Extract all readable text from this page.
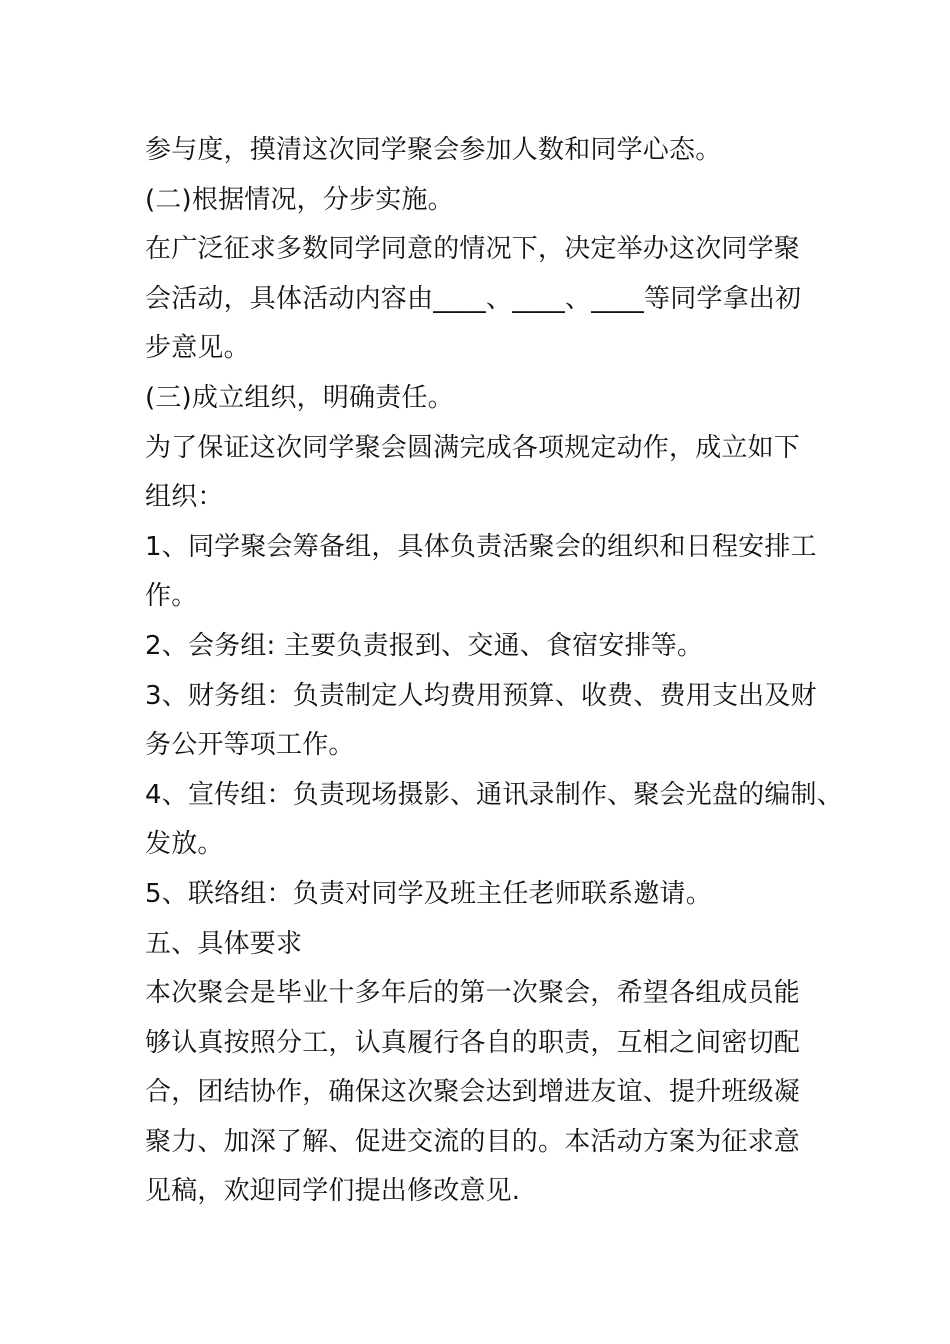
参与度，摸清这次同学聚会参加人数和同学心态。
(二)根据情况，分步实施。
在广泛征求多数同学同意的情况下，决定举办这次同学聚
会活动，具体活动内容由____、____、____等同学拿出初
步意见。
(三)成立组织，明确责任。
为了保证这次同学聚会圆满完成各项规定动作，成立如下
组织：
1、同学聚会筹备组，具体负责活聚会的组织和日程安排工
作。
2、会务组: 主要负责报到、交通、食宿安排等。
3、财务组：负责制定人均费用预算、收费、费用支出及财
务公开等项工作。
4、宣传组：负责现场摄影、通讯录制作、聚会光盘的编制、
发放。
5、联络组：负责对同学及班主任老师联系邀请。
五、具体要求
本次聚会是毕业十多年后的第一次聚会，希望各组成员能
够认真按照分工，认真履行各自的职责，互相之间密切配
合，团结协作，确保这次聚会达到增进友谊、提升班级凝
聚力、加深了解、促进交流的目的。本活动方案为征求意
见稿，欢迎同学们提出修改意见.
